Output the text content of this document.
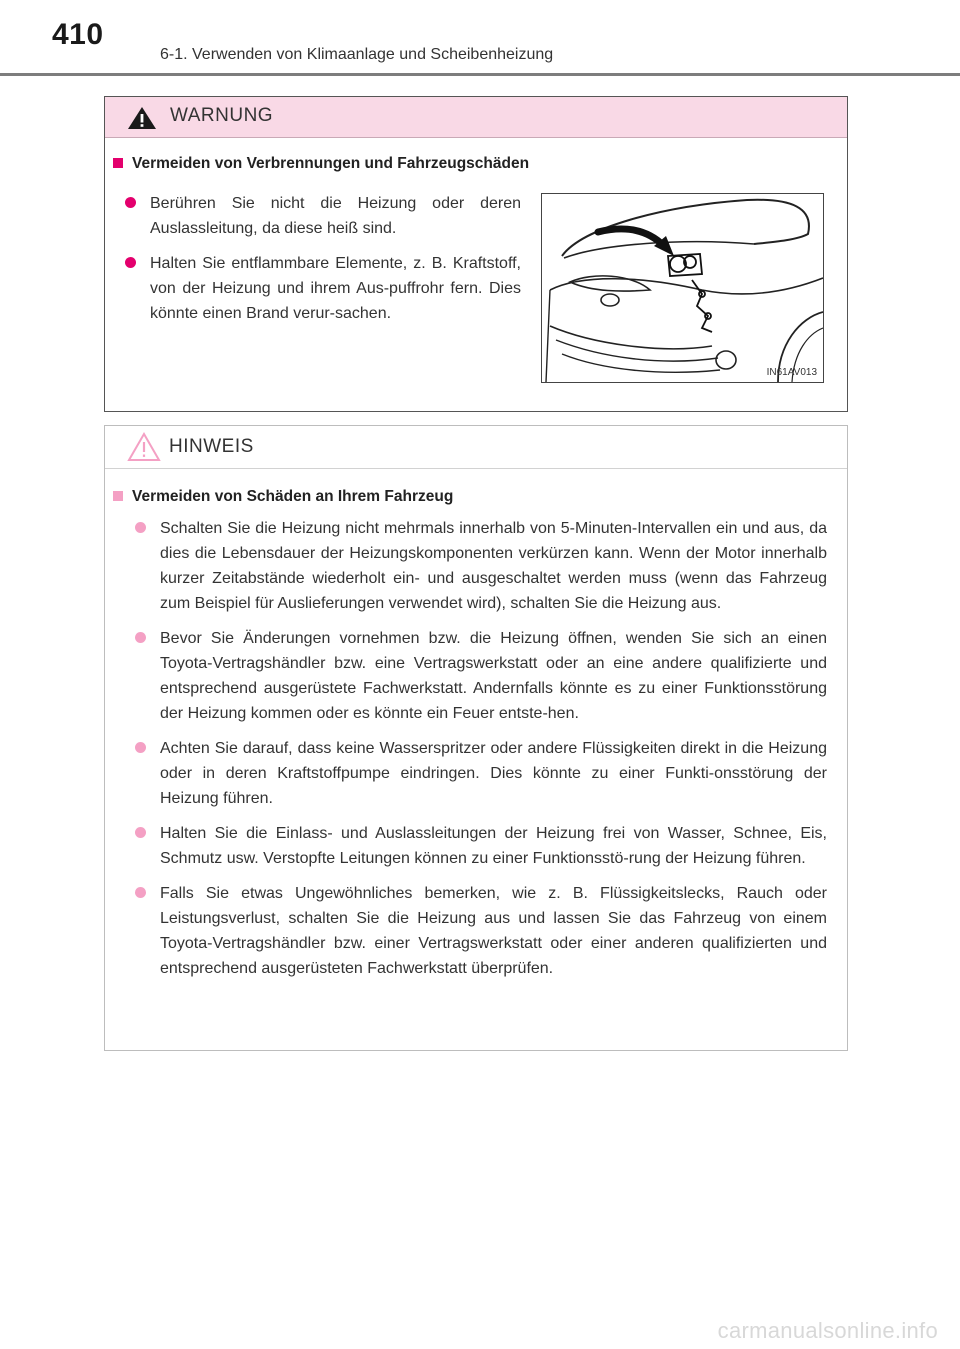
410
6-1. Verwenden von Klimaanlage und Scheibenheizung
WARNUNG
Vermeiden von Verbrennungen und Fahrzeugschäden
Berühren Sie nicht die Heizung oder deren Auslassleitung, da diese heiß sind.
Halten Sie entflammbare Elemente, z. B. Kraftstoff, von der Heizung und ihrem Aus-puffrohr fern. Dies könnte einen Brand verur-sachen.
IN61AV013
HINWEIS
Vermeiden von Schäden an Ihrem Fahrzeug
Schalten Sie die Heizung nicht mehrmals innerhalb von 5-Minuten-Intervallen ein und aus, da dies die Lebensdauer der Heizungskomponenten verkürzen kann. Wenn der Motor innerhalb kurzer Zeitabstände wiederholt ein- und ausgeschaltet werden muss (wenn das Fahrzeug zum Beispiel für Auslieferungen verwendet wird), schalten Sie die Heizung aus.
Bevor Sie Änderungen vornehmen bzw. die Heizung öffnen, wenden Sie sich an einen Toyota-Vertragshändler bzw. eine Vertragswerkstatt oder an eine andere qualifizierte und entsprechend ausgerüstete Fachwerkstatt. Andernfalls könnte es zu einer Funktionsstörung der Heizung kommen oder es könnte ein Feuer entste-hen.
Achten Sie darauf, dass keine Wasserspritzer oder andere Flüssigkeiten direkt in die Heizung oder in deren Kraftstoffpumpe eindringen. Dies könnte zu einer Funkti-onsstörung der Heizung führen.
Halten Sie die Einlass- und Auslassleitungen der Heizung frei von Wasser, Schnee, Eis, Schmutz usw. Verstopfte Leitungen können zu einer Funktionsstö-rung der Heizung führen.
Falls Sie etwas Ungewöhnliches bemerken, wie z. B. Flüssigkeitslecks, Rauch oder Leistungsverlust, schalten Sie die Heizung aus und lassen Sie das Fahrzeug von einem Toyota-Vertragshändler bzw. einer Vertragswerkstatt oder einer anderen qualifizierten und entsprechend ausgerüsteten Fachwerkstatt überprüfen.
carmanualsonline.info
